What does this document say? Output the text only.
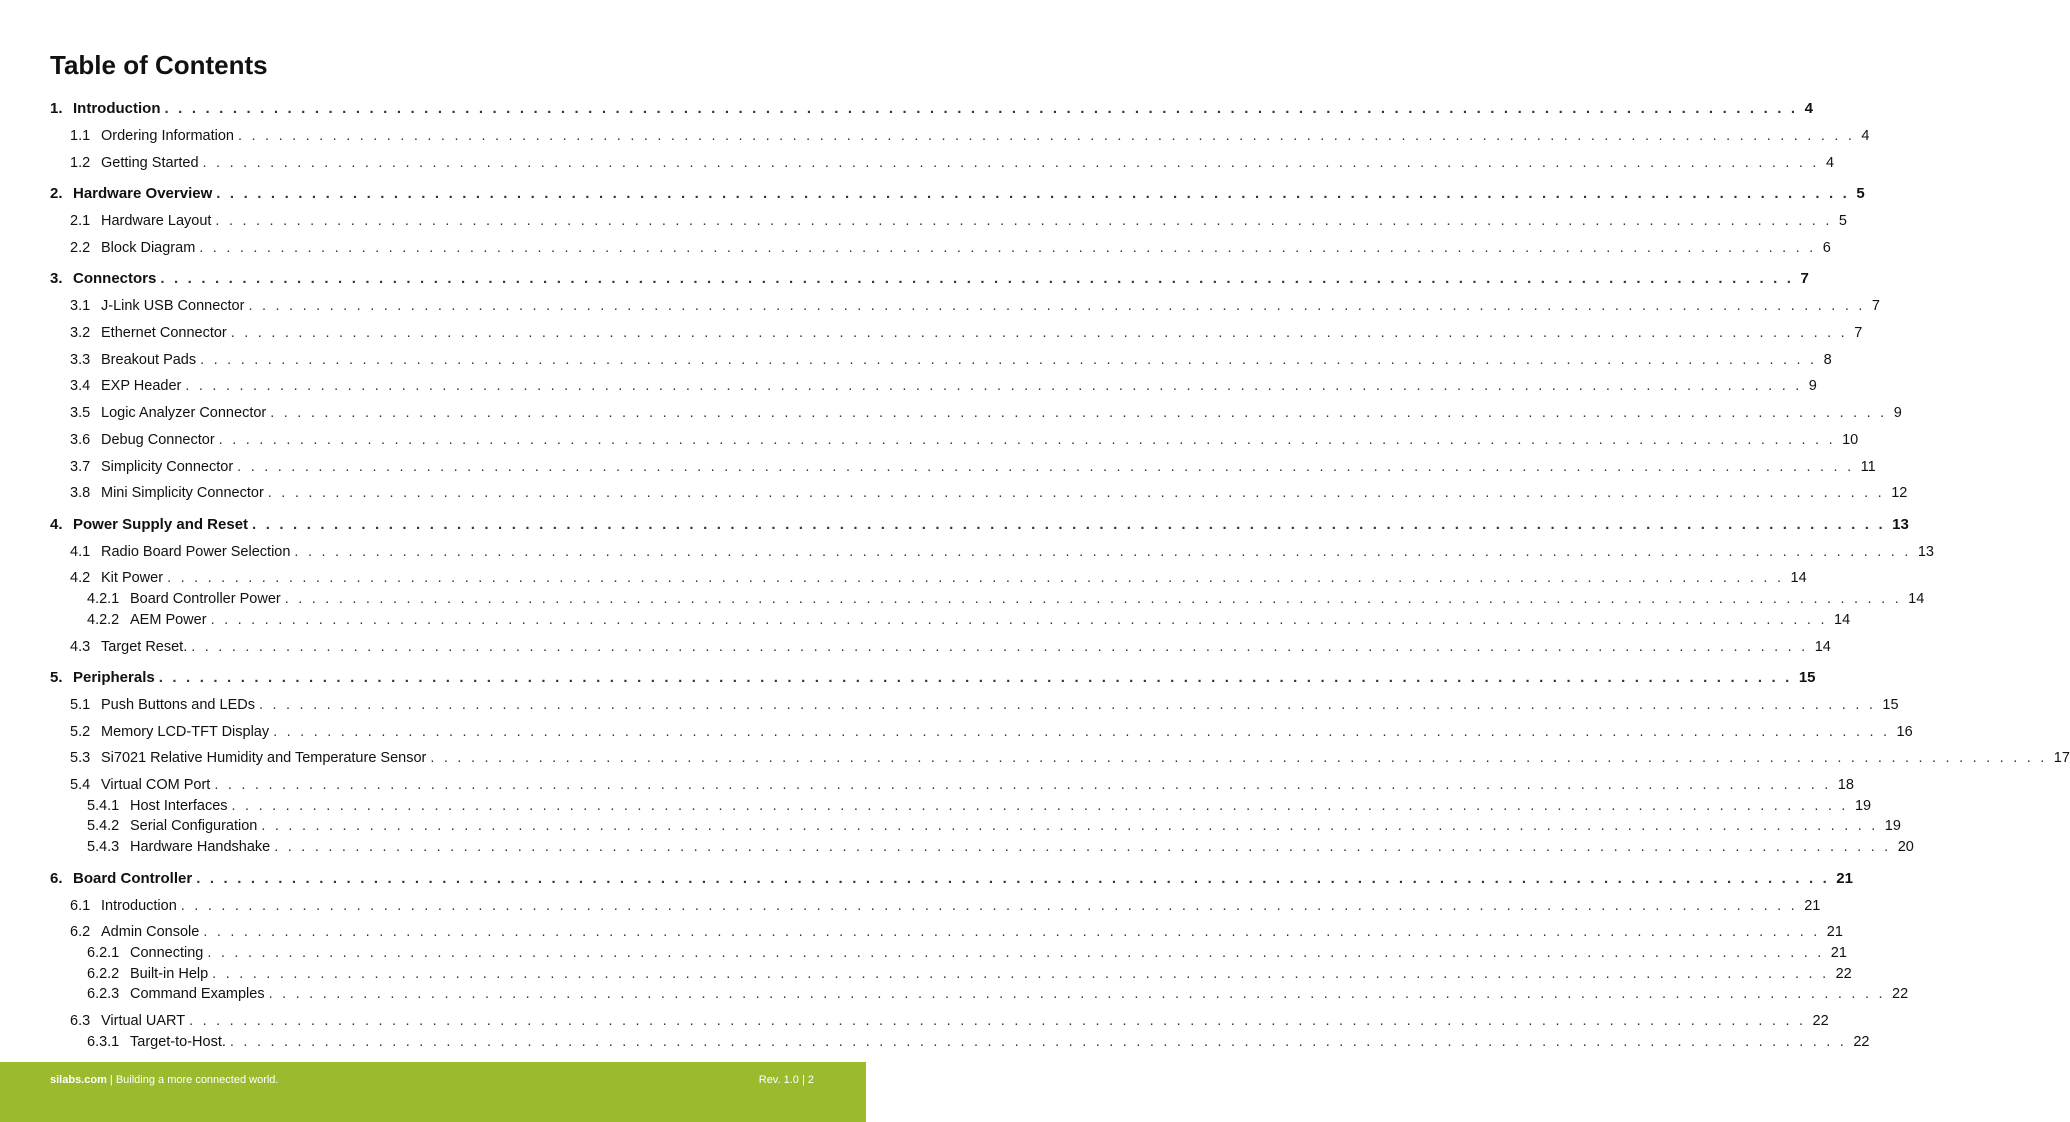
Table of Contents
1. Introduction ........................................................................................................................ 4
1.1 Ordering Information ........................................................................................................................ 4
1.2 Getting Started ........................................................................................................................ 4
2. Hardware Overview ........................................................................................................................ 5
2.1 Hardware Layout ........................................................................................................................ 5
2.2 Block Diagram ........................................................................................................................ 6
3. Connectors ........................................................................................................................ 7
3.1 J-Link USB Connector ........................................................................................................................ 7
3.2 Ethernet Connector ........................................................................................................................ 7
3.3 Breakout Pads ........................................................................................................................ 8
3.4 EXP Header ........................................................................................................................ 9
3.5 Logic Analyzer Connector ........................................................................................................................ 9
3.6 Debug Connector ........................................................................................................................ 10
3.7 Simplicity Connector ........................................................................................................................ 11
3.8 Mini Simplicity Connector ........................................................................................................................ 12
4. Power Supply and Reset ........................................................................................................................ 13
4.1 Radio Board Power Selection ........................................................................................................................ 13
4.2 Kit Power ........................................................................................................................ 14
4.2.1 Board Controller Power ........................................................................................................................ 14
4.2.2 AEM Power ........................................................................................................................ 14
4.3 Target Reset. ........................................................................................................................ 14
5. Peripherals ........................................................................................................................ 15
5.1 Push Buttons and LEDs ........................................................................................................................ 15
5.2 Memory LCD-TFT Display ........................................................................................................................ 16
5.3 Si7021 Relative Humidity and Temperature Sensor ........................................................................................................................ 17
5.4 Virtual COM Port ........................................................................................................................ 18
5.4.1 Host Interfaces ........................................................................................................................ 19
5.4.2 Serial Configuration ........................................................................................................................ 19
5.4.3 Hardware Handshake ........................................................................................................................ 20
6. Board Controller ........................................................................................................................ 21
6.1 Introduction ........................................................................................................................ 21
6.2 Admin Console ........................................................................................................................ 21
6.2.1 Connecting ........................................................................................................................ 21
6.2.2 Built-in Help ........................................................................................................................ 22
6.2.3 Command Examples ........................................................................................................................ 22
6.3 Virtual UART ........................................................................................................................ 22
6.3.1 Target-to-Host. ........................................................................................................................ 22
silabs.com | Building a more connected world.	Rev. 1.0 | 2
